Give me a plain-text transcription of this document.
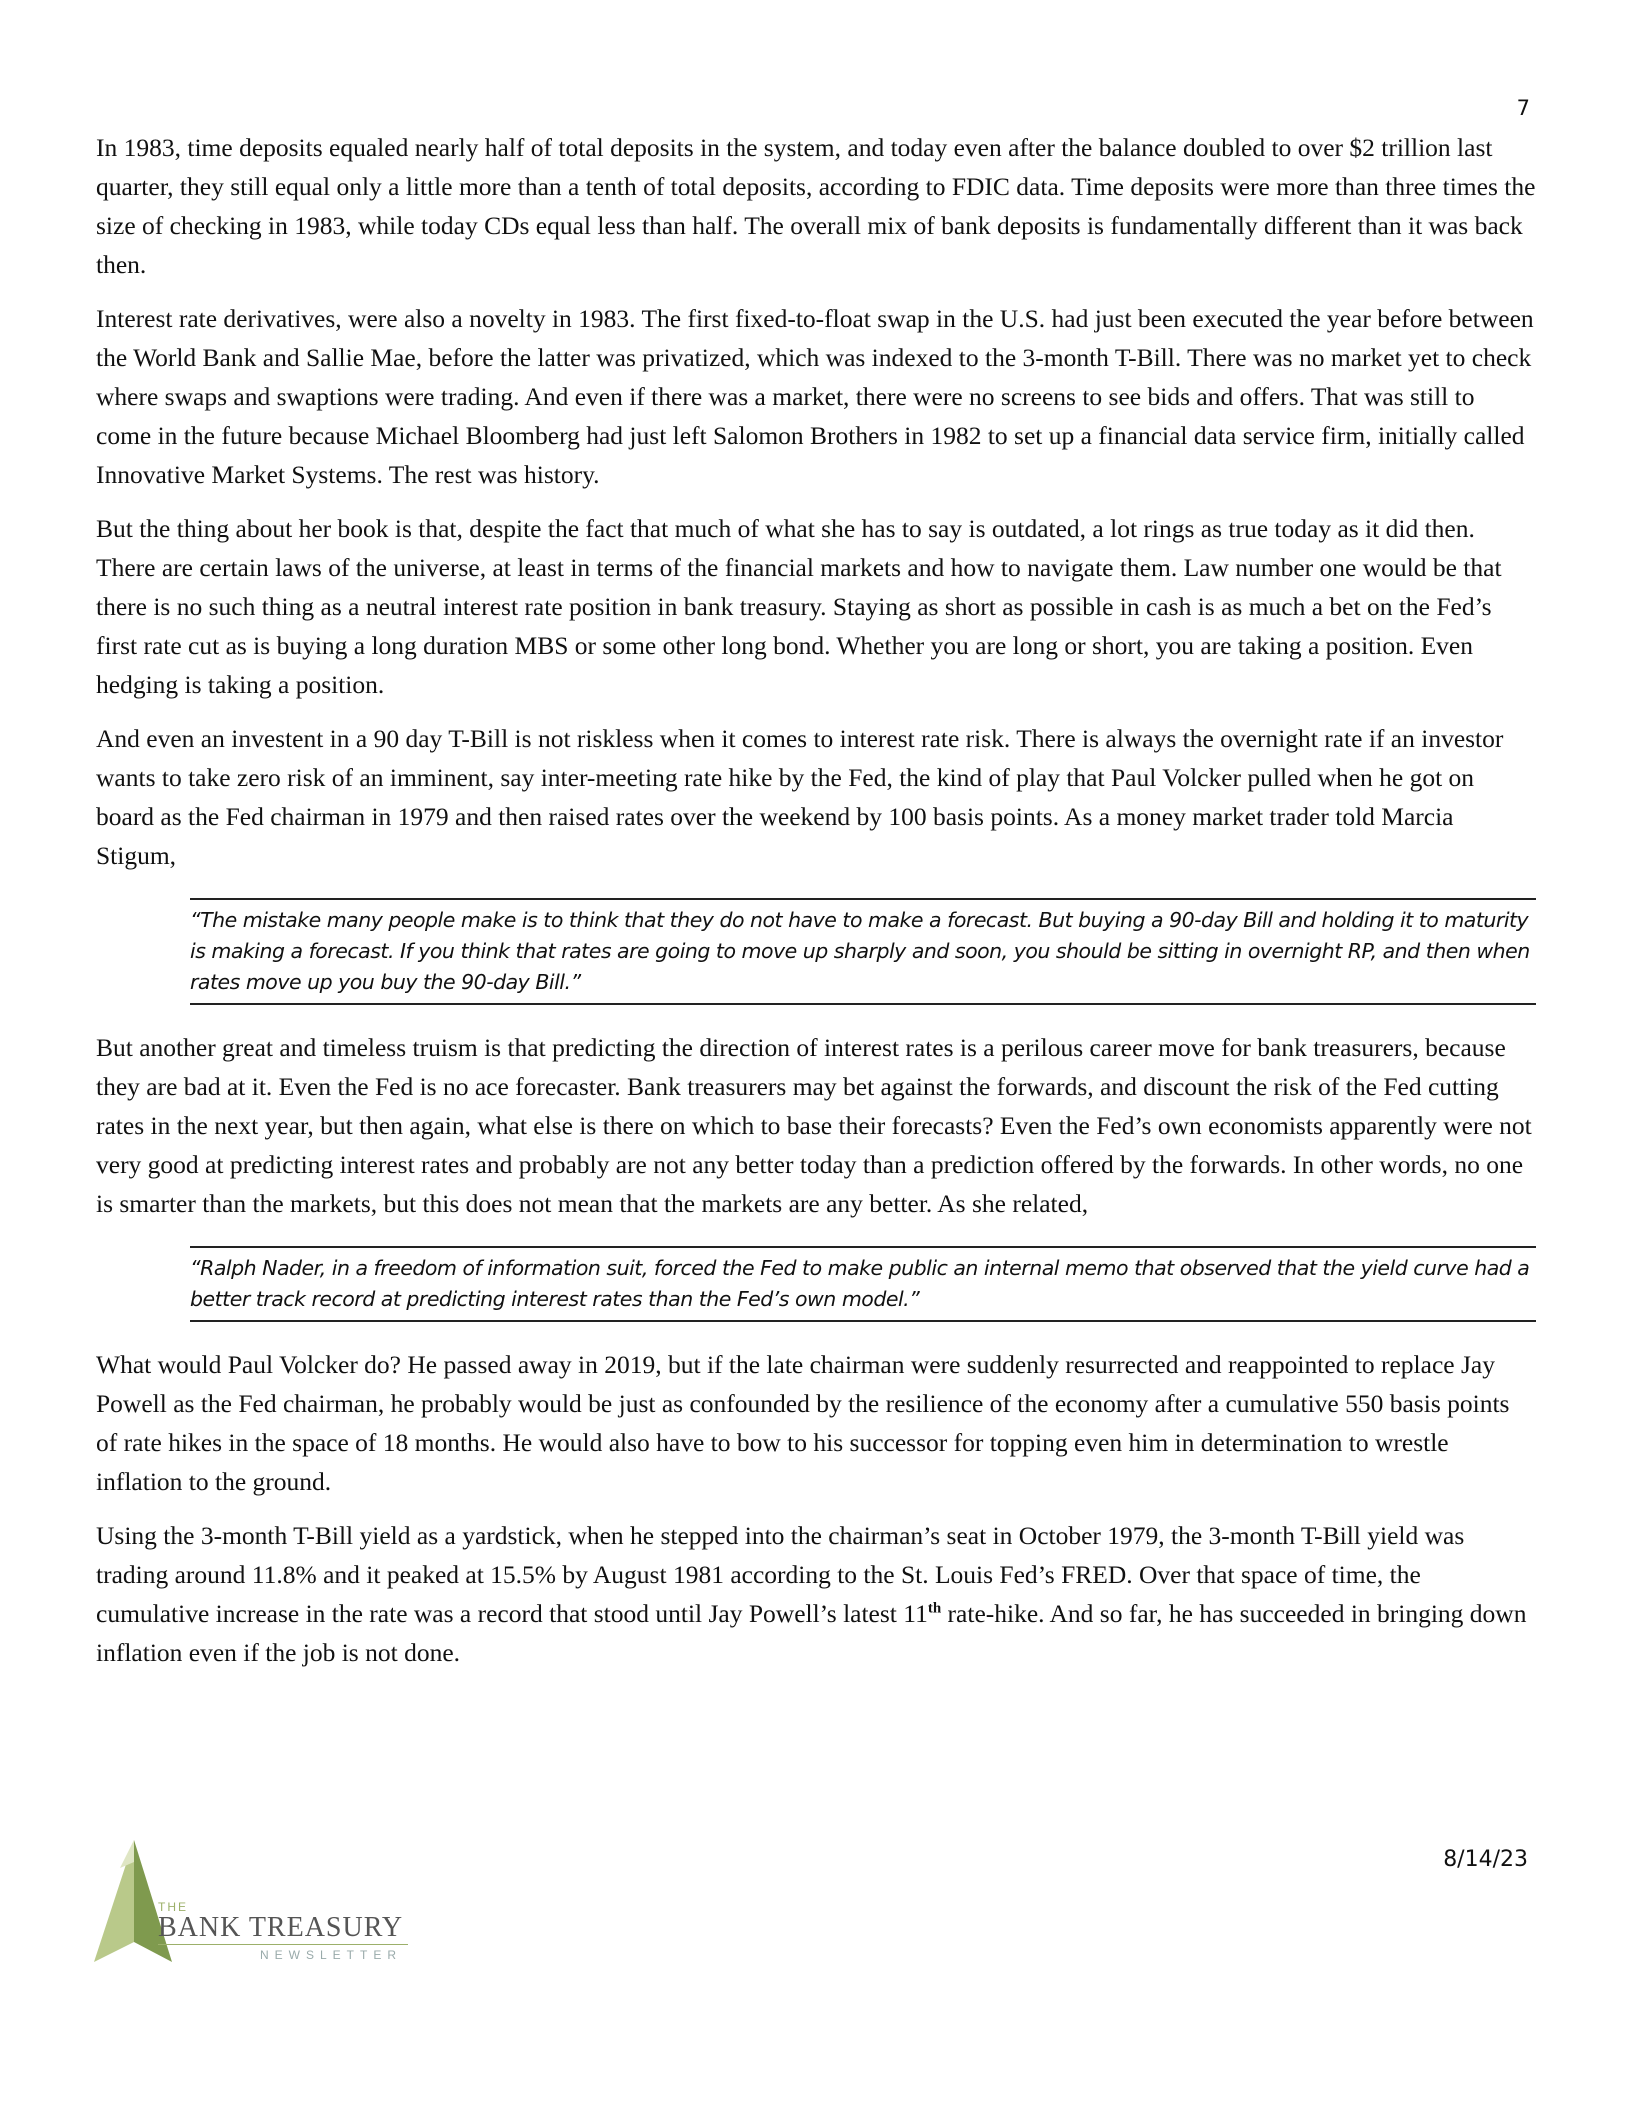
7

In 1983, time deposits equaled nearly half of total deposits in the system, and today even after the balance doubled to over $2 trillion last quarter, they still equal only a little more than a tenth of total deposits, according to FDIC data. Time deposits were more than three times the size of checking in 1983, while today CDs equal less than half. The overall mix of bank deposits is fundamentally different than it was back then.

Interest rate derivatives, were also a novelty in 1983. The first fixed-to-float swap in the U.S. had just been executed the year before between the World Bank and Sallie Mae, before the latter was privatized, which was indexed to the 3-month T-Bill. There was no market yet to check where swaps and swaptions were trading. And even if there was a market, there were no screens to see bids and offers. That was still to come in the future because Michael Bloomberg had just left Salomon Brothers in 1982 to set up a financial data service firm, initially called Innovative Market Systems. The rest was history.

But the thing about her book is that, despite the fact that much of what she has to say is outdated, a lot rings as true today as it did then. There are certain laws of the universe, at least in terms of the financial markets and how to navigate them. Law number one would be that there is no such thing as a neutral interest rate position in bank treasury. Staying as short as possible in cash is as much a bet on the Fed’s first rate cut as is buying a long duration MBS or some other long bond. Whether you are long or short, you are taking a position. Even hedging is taking a position.

And even an investent in a 90 day T-Bill is not riskless when it comes to interest rate risk. There is always the overnight rate if an investor wants to take zero risk of an imminent, say inter-meeting rate hike by the Fed, the kind of play that Paul Volcker pulled when he got on board as the Fed chairman in 1979 and then raised rates over the weekend by 100 basis points. As a money market trader told Marcia Stigum,

“The mistake many people make is to think that they do not have to make a forecast. But buying a 90-day Bill and holding it to maturity is making a forecast. If you think that rates are going to move up sharply and soon, you should be sitting in overnight RP, and then when rates move up you buy the 90-day Bill.”

But another great and timeless truism is that predicting the direction of interest rates is a perilous career move for bank treasurers, because they are bad at it. Even the Fed is no ace forecaster. Bank treasurers may bet against the forwards, and discount the risk of the Fed cutting rates in the next year, but then again, what else is there on which to base their forecasts? Even the Fed’s own economists apparently were not very good at predicting interest rates and probably are not any better today than a prediction offered by the forwards. In other words, no one is smarter than the markets, but this does not mean that the markets are any better. As she related,

“Ralph Nader, in a freedom of information suit, forced the Fed to make public an internal memo that observed that the yield curve had a better track record at predicting interest rates than the Fed’s own model.”

What would Paul Volcker do? He passed away in 2019, but if the late chairman were suddenly resurrected and reappointed to replace Jay Powell as the Fed chairman, he probably would be just as confounded by the resilience of the economy after a cumulative 550 basis points of rate hikes in the space of 18 months. He would also have to bow to his successor for topping even him in determination to wrestle inflation to the ground.

Using the 3-month T-Bill yield as a yardstick, when he stepped into the chairman’s seat in October 1979, the 3-month T-Bill yield was trading around 11.8% and it peaked at 15.5% by August 1981 according to the St. Louis Fed’s FRED. Over that space of time, the cumulative increase in the rate was a record that stood until Jay Powell’s latest 11th rate-hike. And so far, he has succeeded in bringing down inflation even if the job is not done.

THE
BANK TREASURY
NEWSLETTER
8/14/23
